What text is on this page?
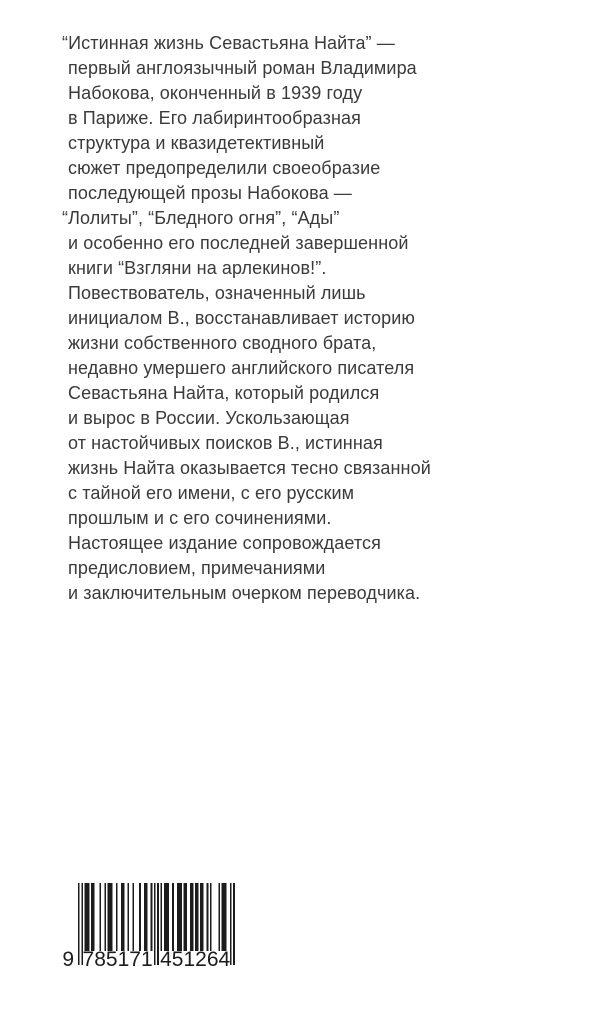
“Истинная жизнь Севастьяна Найта” —
первый англоязычный роман Владимира
Набокова, оконченный в 1939 году
в Париже. Его лабиринтообразная
структура и квазидетективный
сюжет предопределили своеобразие
последующей прозы Набокова —
“Лолиты”, “Бледного огня”, “Ады”
и особенно его последней завершенной
книги “Взгляни на арлекинов!”.
Повествователь, означенный лишь
инициалом В., восстанавливает историю
жизни собственного сводного брата,
недавно умершего английского писателя
Севастьяна Найта, который родился
и вырос в России. Ускользающая
от настойчивых поисков В., истинная
жизнь Найта оказывается тесно связанной
с тайной его имени, с его русским
прошлым и с его сочинениями.
Настоящее издание сопровождается
предисловием, примечаниями
и заключительным очерком переводчика.
9 785171 451264
